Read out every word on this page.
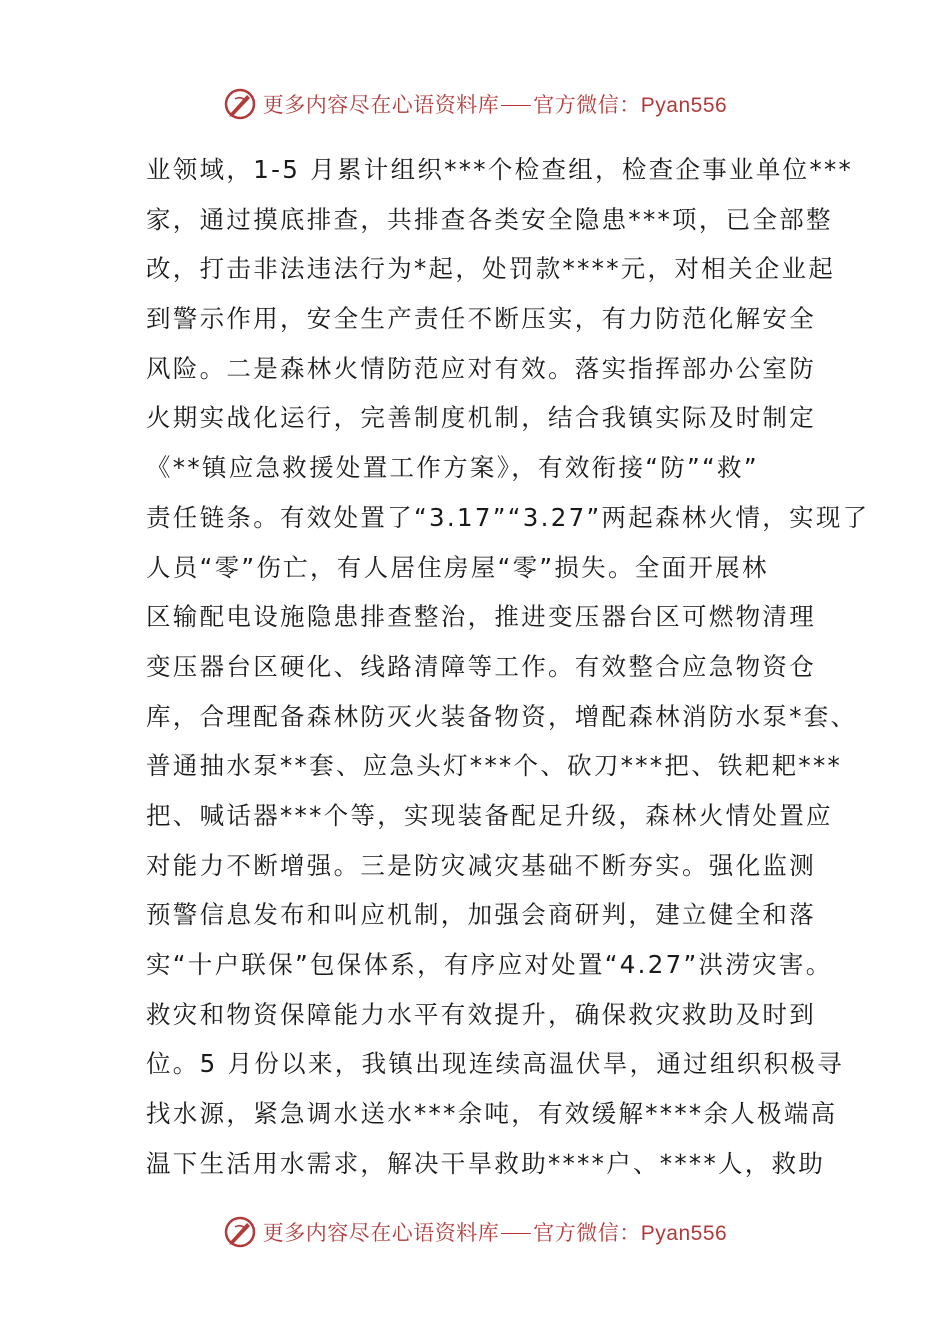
更多内容尽在心语资料库 官方微信： Pyan556
业领域，1-5 月累计组织***个检查组，检查企事业单位***
家，通过摸底排查，共排查各类安全隐患***项，已全部整
改，打击非法违法行为*起，处罚款****元，对相关企业起
到警示作用，安全生产责任不断压实，有力防范化解安全
风险。二是森林火情防范应对有效。落实指挥部办公室防
火期实战化运行，完善制度机制，结合我镇实际及时制定
《**镇应急救援处置工作方案》，有效衔接“防”“救”
责任链条。有效处置了“3.17”“3.27”两起森林火情，实现了
人员“零”伤亡，有人居住房屋“零”损失。全面开展林
区输配电设施隐患排查整治，推进变压器台区可燃物清理
变压器台区硬化、线路清障等工作。有效整合应急物资仓
库，合理配备森林防灭火装备物资，增配森林消防水泵*套、
普通抽水泵**套、应急头灯***个、砍刀***把、铁耙耙***
把、喊话器***个等，实现装备配足升级，森林火情处置应
对能力不断增强。三是防灾减灾基础不断夯实。强化监测
预警信息发布和叫应机制，加强会商研判，建立健全和落
实“十户联保”包保体系，有序应对处置“4.27”洪涝灾害。
救灾和物资保障能力水平有效提升，确保救灾救助及时到
位。5 月份以来，我镇出现连续高温伏旱，通过组织积极寻
找水源，紧急调水送水***余吨，有效缓解****余人极端高
温下生活用水需求，解决干旱救助****户、****人，救助
更多内容尽在心语资料库 官方微信： Pyan556
